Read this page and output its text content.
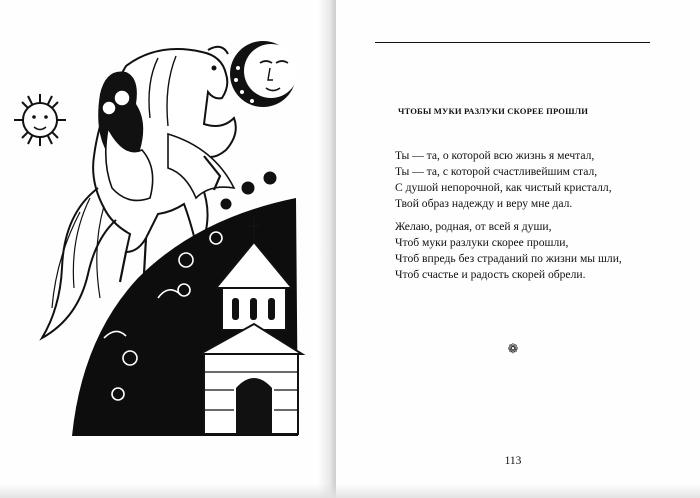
ЧТОБЫ МУКИ РАЗЛУКИ СКОРЕЕ ПРОШЛИ
Ты — та, о которой всю жизнь я мечтал,
Ты — та, с которой счастливейшим стал,
С душой непорочной, как чистый кристалл,
Твой образ надежду и веру мне дал.
Желаю, родная, от всей я души,
Чтоб муки разлуки скорее прошли,
Чтоб впредь без страданий по жизни мы шли,
Чтоб счастье и радость скорей обрели.
❁
113
